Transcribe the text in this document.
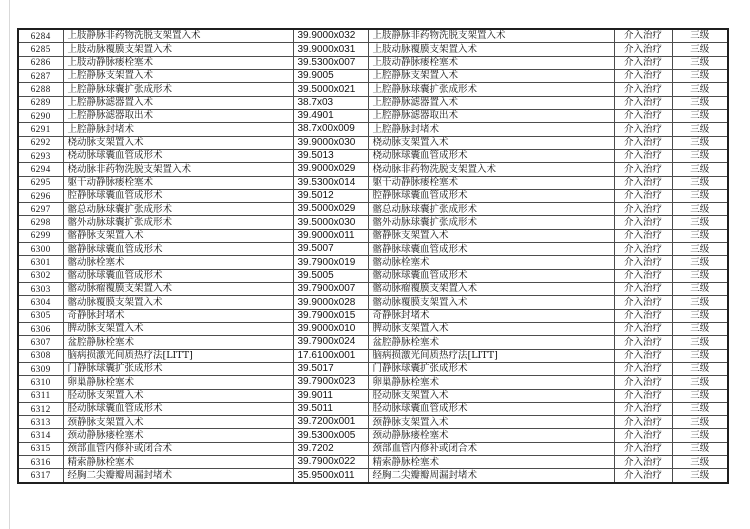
6284	上肢静脉非药物洗脱支架置入术	39.9000x032	上肢静脉非药物洗脱支架置入术	介入治疗	三级
6285	上肢动脉覆膜支架置入术	39.9000x031	上肢动脉覆膜支架置入术	介入治疗	三级
6286	上肢动静脉瘘栓塞术	39.5300x007	上肢动静脉瘘栓塞术	介入治疗	三级
6287	上腔静脉支架置入术	39.9005	上腔静脉支架置入术	介入治疗	三级
6288	上腔静脉球囊扩张成形术	39.5000x021	上腔静脉球囊扩张成形术	介入治疗	三级
6289	上腔静脉滤器置入术	38.7x03	上腔静脉滤器置入术	介入治疗	三级
6290	上腔静脉滤器取出术	39.4901	上腔静脉滤器取出术	介入治疗	三级
6291	上腔静脉封堵术	38.7x00x009	上腔静脉封堵术	介入治疗	三级
6292	桡动脉支架置入术	39.9000x030	桡动脉支架置入术	介入治疗	三级
6293	桡动脉球囊血管成形术	39.5013	桡动脉球囊血管成形术	介入治疗	三级
6294	桡动脉非药物洗脱支架置入术	39.9000x029	桡动脉非药物洗脱支架置入术	介入治疗	三级
6295	躯干动静脉瘘栓塞术	39.5300x014	躯干动静脉瘘栓塞术	介入治疗	三级
6296	腔静脉球囊血管成形术	39.5012	腔静脉球囊血管成形术	介入治疗	三级
6297	髂总动脉球囊扩张成形术	39.5000x029	髂总动脉球囊扩张成形术	介入治疗	三级
6298	髂外动脉球囊扩张成形术	39.5000x030	髂外动脉球囊扩张成形术	介入治疗	三级
6299	髂静脉支架置入术	39.9000x011	髂静脉支架置入术	介入治疗	三级
6300	髂静脉球囊血管成形术	39.5007	髂静脉球囊血管成形术	介入治疗	三级
6301	髂动脉栓塞术	39.7900x019	髂动脉栓塞术	介入治疗	三级
6302	髂动脉球囊血管成形术	39.5005	髂动脉球囊血管成形术	介入治疗	三级
6303	髂动脉瘤覆膜支架置入术	39.7900x007	髂动脉瘤覆膜支架置入术	介入治疗	三级
6304	髂动脉覆膜支架置入术	39.9000x028	髂动脉覆膜支架置入术	介入治疗	三级
6305	奇静脉封堵术	39.7900x015	奇静脉封堵术	介入治疗	三级
6306	脾动脉支架置入术	39.9000x010	脾动脉支架置入术	介入治疗	三级
6307	盆腔静脉栓塞术	39.7900x024	盆腔静脉栓塞术	介入治疗	三级
6308	脑病损激光间质热疗法[LITT]	17.6100x001	脑病损激光间质热疗法[LITT]	介入治疗	三级
6309	门静脉球囊扩张成形术	39.5017	门静脉球囊扩张成形术	介入治疗	三级
6310	卵巢静脉栓塞术	39.7900x023	卵巢静脉栓塞术	介入治疗	三级
6311	胫动脉支架置入术	39.9011	胫动脉支架置入术	介入治疗	三级
6312	胫动脉球囊血管成形术	39.5011	胫动脉球囊血管成形术	介入治疗	三级
6313	颈静脉支架置入术	39.7200x001	颈静脉支架置入术	介入治疗	三级
6314	颈动静脉瘘栓塞术	39.5300x005	颈动静脉瘘栓塞术	介入治疗	三级
6315	颈部血管内修补或闭合术	39.7202	颈部血管内修补或闭合术	介入治疗	三级
6316	精索静脉栓塞术	39.7900x022	精索静脉栓塞术	介入治疗	三级
6317	经胸二尖瓣瓣周漏封堵术	35.9500x011	经胸二尖瓣瓣周漏封堵术	介入治疗	三级
